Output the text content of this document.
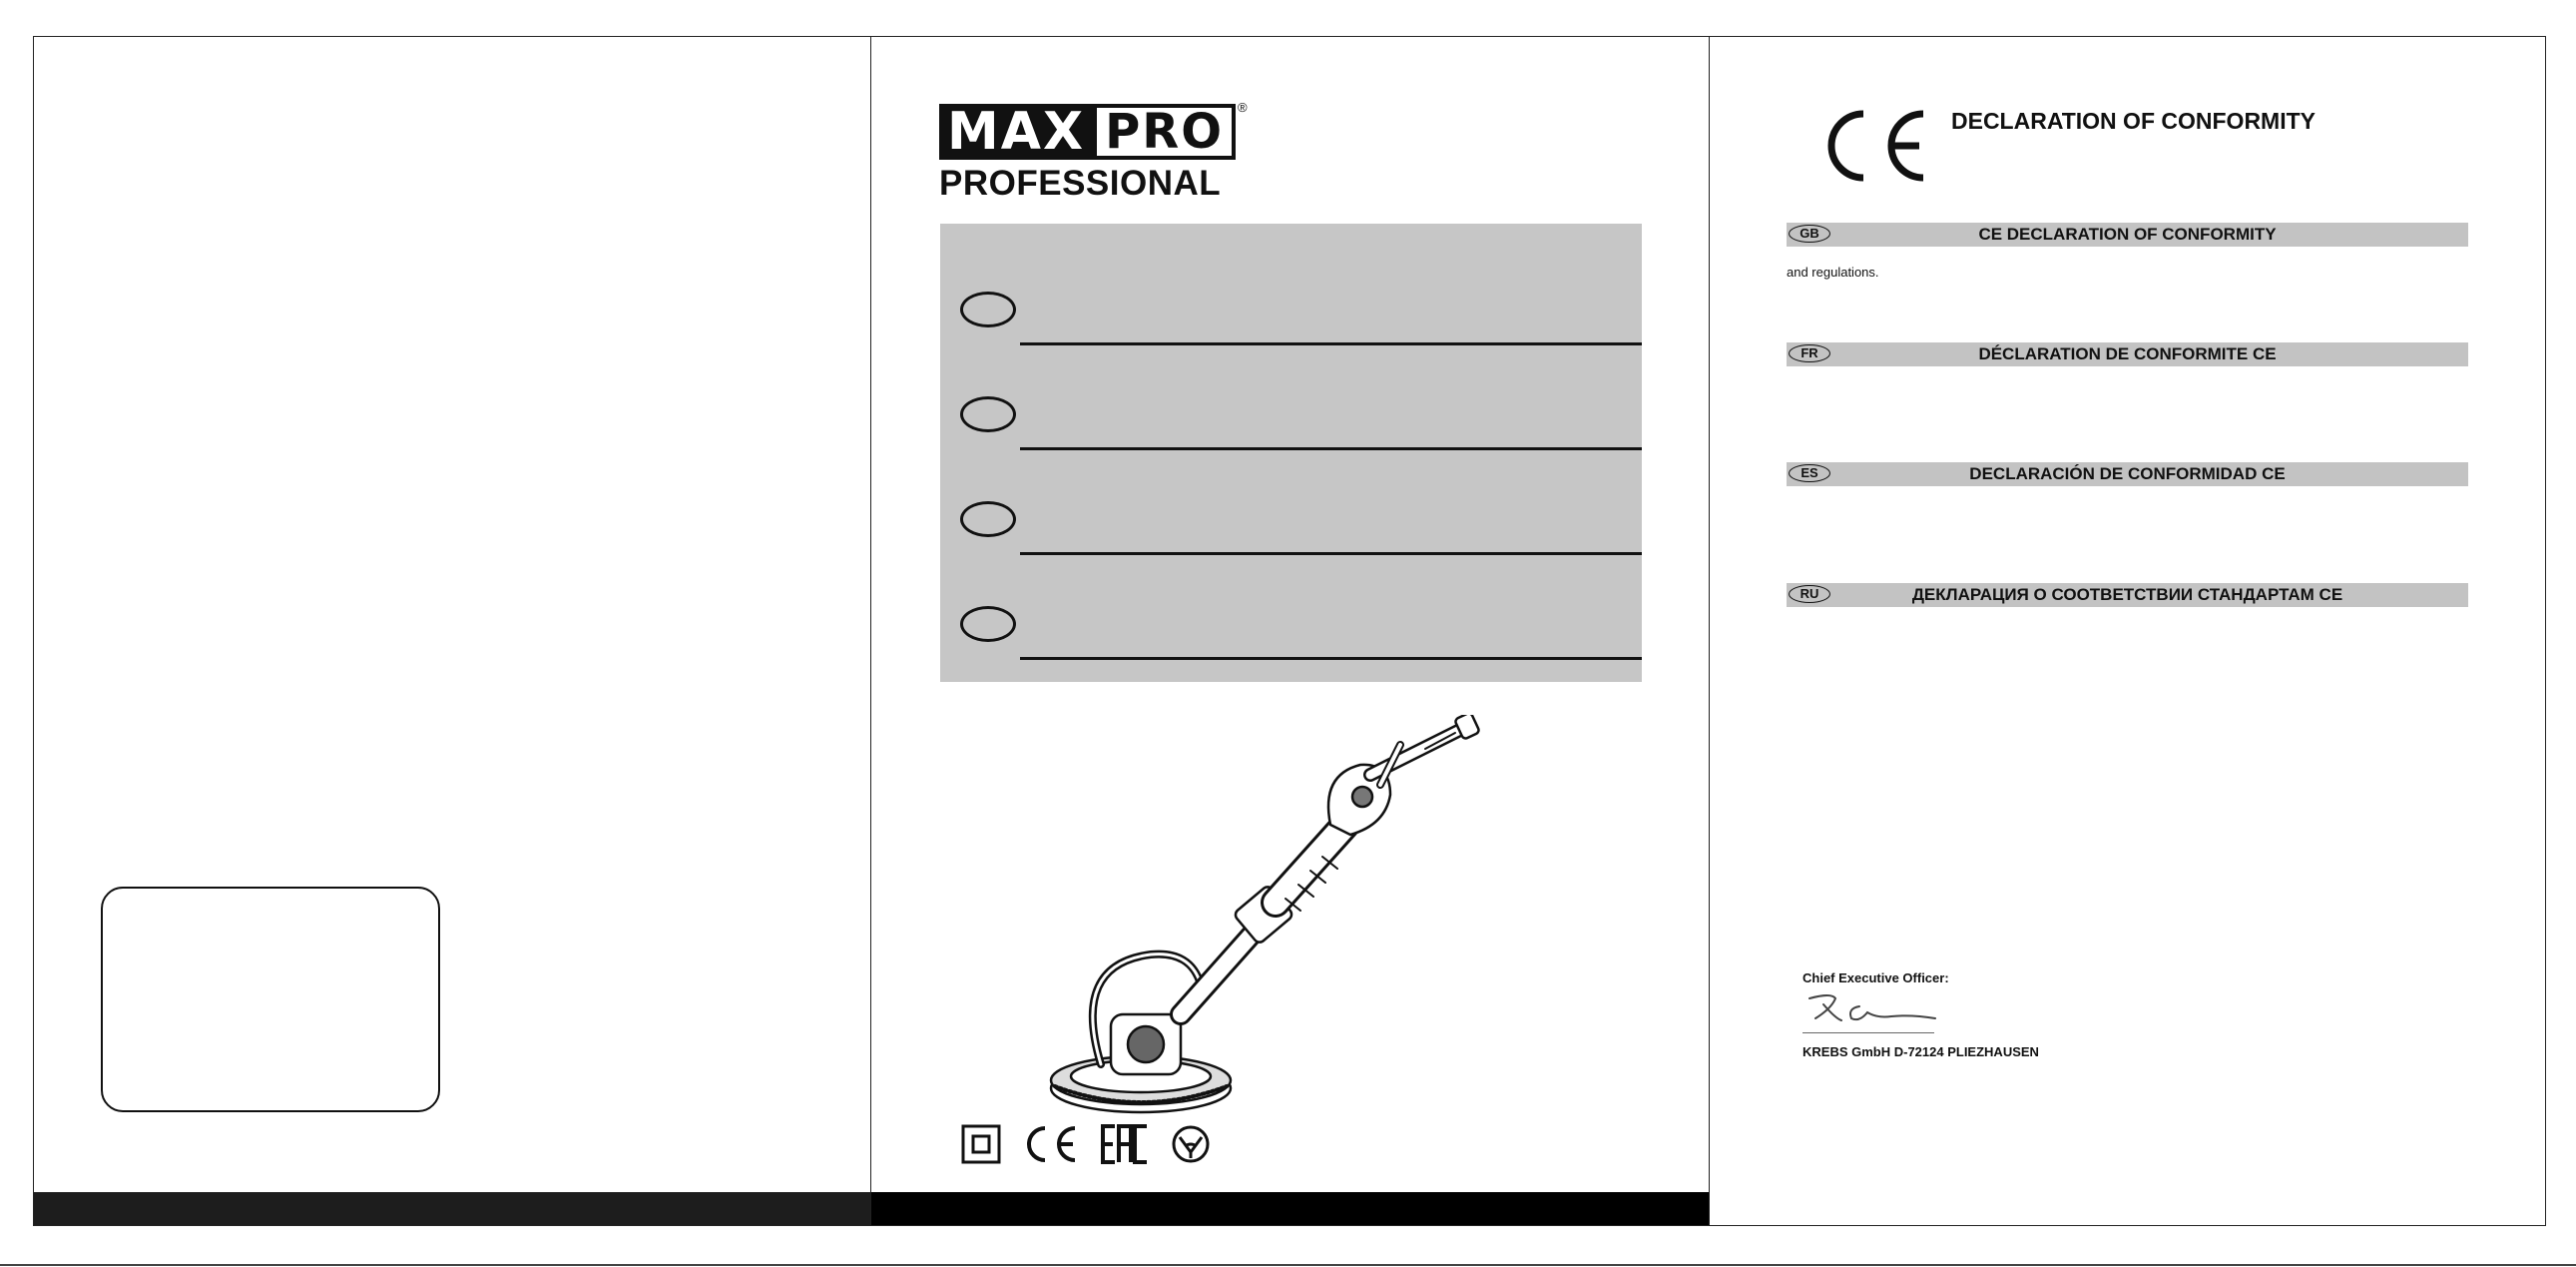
MAX PRO	®
PROFESSIONAL
DECLARATION OF CONFORMITY
GB	CE DECLARATION OF CONFORMITY
and regulations.
FR	DÉCLARATION DE CONFORMITE CE
ES	DECLARACIÓN DE CONFORMIDAD CE
RU	ДЕКЛАРАЦИЯ О СООТВЕТСТВИИ СТАНДАРТАМ CE
Chief Executive Officer:
KREBS GmbH D-72124 PLIEZHAUSEN
